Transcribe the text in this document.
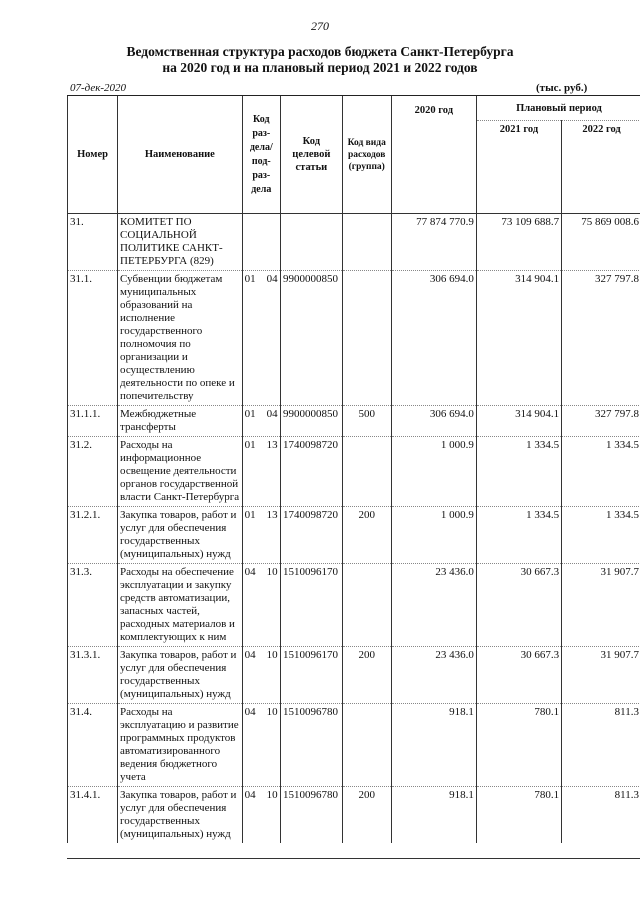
270
Ведомственная структура расходов бюджета Санкт-Петербурга
на 2020 год и на плановый период 2021 и 2022 годов
07-дек-2020	(тыс. руб.)
Номер	Наименование	Код раз- дела/ под- раз- дела	Код целевой статьи	Код вида расходов (группа)	2020 год	Плановый период	
						2021 год	2022 год
31.	КОМИТЕТ ПО СОЦИАЛЬНОЙ ПОЛИТИКЕ САНКТ-ПЕТЕРБУРГА (829)				77 874 770.9	73 109 688.7	75 869 008.6
31.1.	Субвенции бюджетам муниципальных образований на исполнение государственного полномочия по организации и осуществлению деятельности по опеке и попечительству	01 04	9900000850		306 694.0	314 904.1	327 797.8
31.1.1.	Межбюджетные трансферты	01 04	9900000850	500	306 694.0	314 904.1	327 797.8
31.2.	Расходы на информационное освещение деятельности органов государственной власти Санкт-Петербурга	01 13	1740098720		1 000.9	1 334.5	1 334.5
31.2.1.	Закупка товаров, работ и услуг для обеспечения государственных (муниципальных) нужд	01 13	1740098720	200	1 000.9	1 334.5	1 334.5
31.3.	Расходы на обеспечение эксплуатации и закупку средств автоматизации, запасных частей, расходных материалов и комплектующих к ним	04 10	1510096170		23 436.0	30 667.3	31 907.7
31.3.1.	Закупка товаров, работ и услуг для обеспечения государственных (муниципальных) нужд	04 10	1510096170	200	23 436.0	30 667.3	31 907.7
31.4.	Расходы на эксплуатацию и развитие программных продуктов автоматизированного ведения бюджетного учета	04 10	1510096780		918.1	780.1	811.3
31.4.1.	Закупка товаров, работ и услуг для обеспечения государственных (муниципальных) нужд	04 10	1510096780	200	918.1	780.1	811.3
